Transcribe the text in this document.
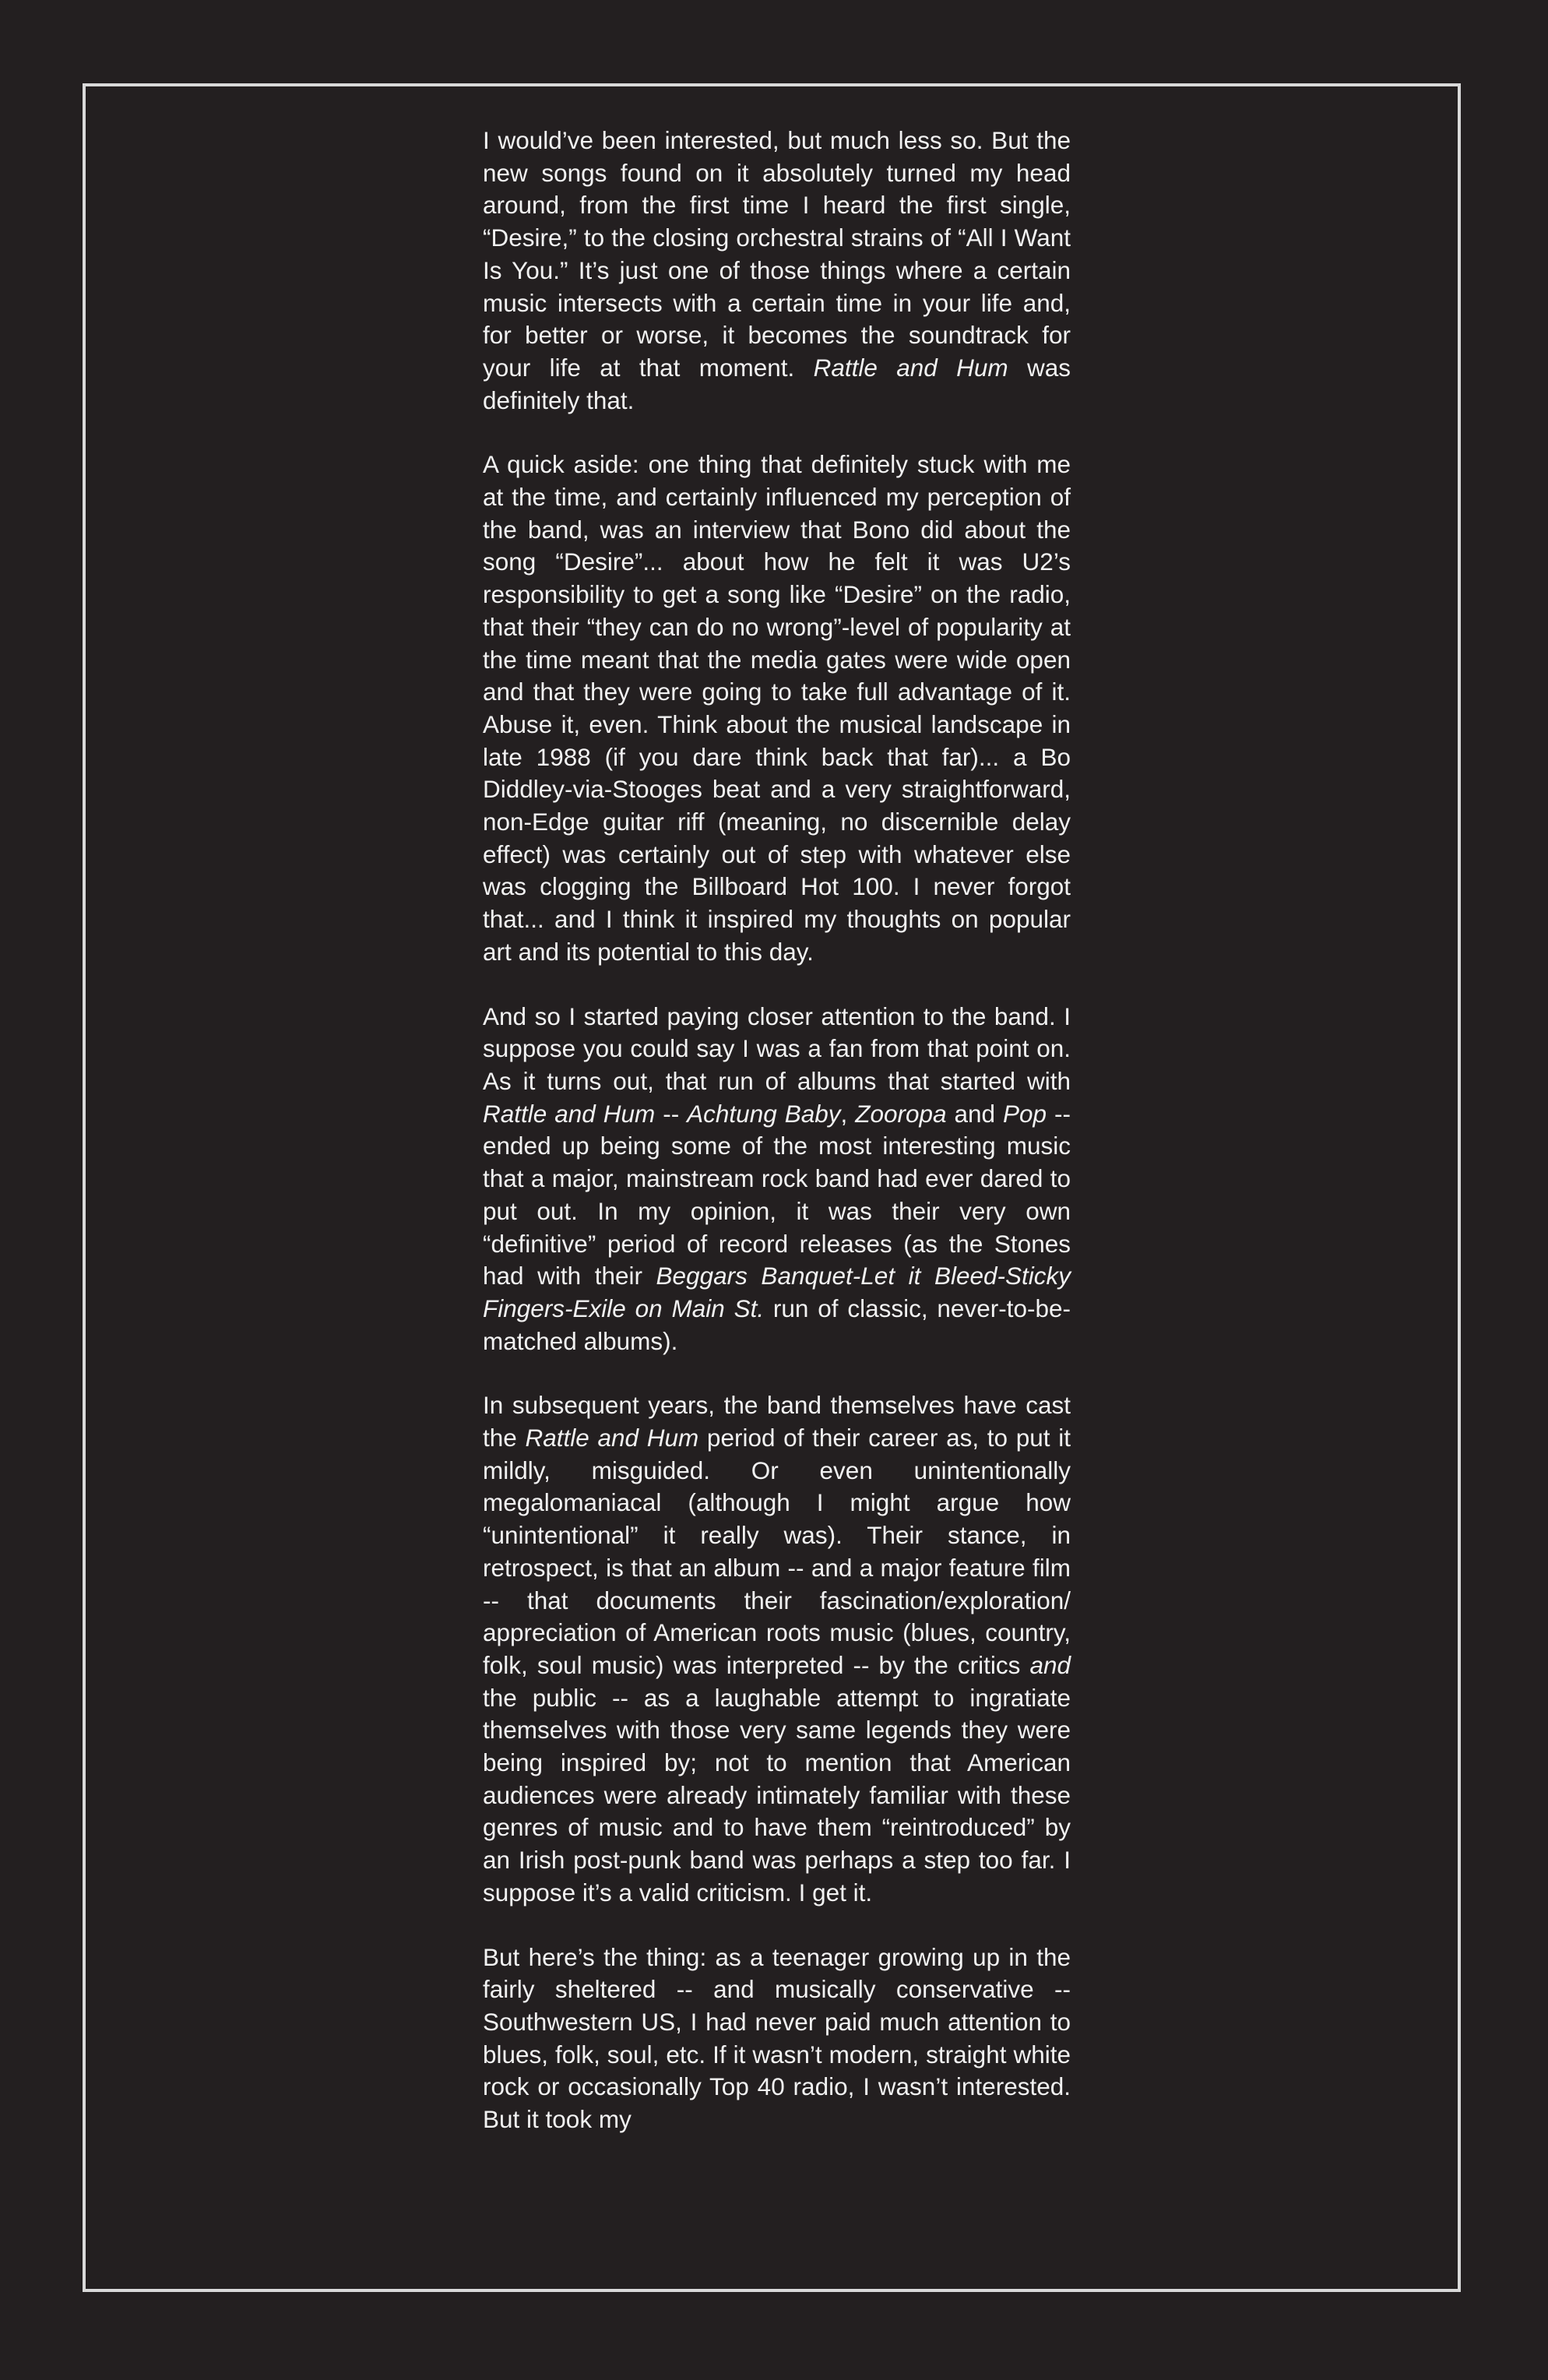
I would’ve been interested, but much less so. But the new songs found on it absolutely turned my head around, from the first time I heard the first single, “Desire,” to the closing orchestral strains of “All I Want Is You.” It’s just one of those things where a certain music intersects with a certain time in your life and, for better or worse, it becomes the soundtrack for your life at that moment. Rattle and Hum was definitely that.

A quick aside: one thing that definitely stuck with me at the time, and certainly influenced my perception of the band, was an interview that Bono did about the song “Desire”... about how he felt it was U2’s responsibility to get a song like “Desire” on the radio, that their “they can do no wrong”-level of popularity at the time meant that the media gates were wide open and that they were going to take full advantage of it. Abuse it, even. Think about the musical landscape in late 1988 (if you dare think back that far)... a Bo Diddley-via-Stooges beat and a very straightforward, non-Edge guitar riff (meaning, no discernible delay effect) was certainly out of step with whatever else was clogging the Billboard Hot 100. I never forgot that... and I think it inspired my thoughts on popular art and its potential to this day.

And so I started paying closer attention to the band. I suppose you could say I was a fan from that point on. As it turns out, that run of albums that started with Rattle and Hum -- Achtung Baby, Zooropa and Pop -- ended up being some of the most interesting music that a major, mainstream rock band had ever dared to put out. In my opinion, it was their very own “definitive” period of record releases (as the Stones had with their Beggars Banquet-Let it Bleed-Sticky Fingers-Exile on Main St. run of classic, never-to-be-matched albums).

In subsequent years, the band themselves have cast the Rattle and Hum period of their career as, to put it mildly, misguided. Or even unintentionally megalomaniacal (although I might argue how “unintentional” it really was). Their stance, in retrospect, is that an album -- and a major feature film -- that documents their fascination/​exploration/​appreciation of American roots music (blues, country, folk, soul music) was interpreted -- by the critics and the public -- as a laughable attempt to ingratiate themselves with those very same legends they were being inspired by; not to mention that American audiences were already intimately familiar with these genres of music and to have them “reintroduced” by an Irish post-punk band was perhaps a step too far. I suppose it’s a valid criticism. I get it.

But here’s the thing: as a teenager growing up in the fairly sheltered -- and musically conservative -- Southwestern US, I had never paid much attention to blues, folk, soul, etc. If it wasn’t modern, straight white rock or occasionally Top 40 radio, I wasn’t interested. But it took my
